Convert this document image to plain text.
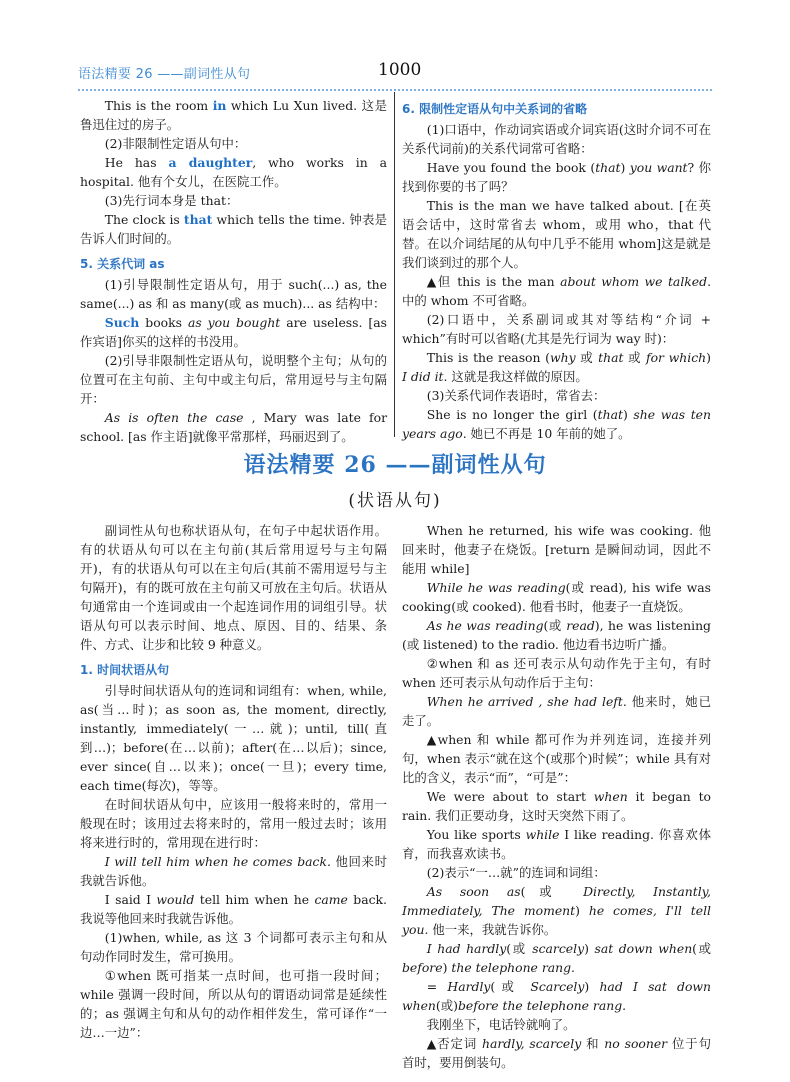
语法精要 26 ——副词性从句	1000

This is the room in which Lu Xun lived. 这是鲁迅住过的房子。

(2)非限制性定语从句中：

He has a daughter, who works in a hospital. 他有个女儿，在医院工作。

(3)先行词本身是 that：

The clock is that which tells the time. 钟表是告诉人们时间的。

5. 关系代词 as

(1)引导限制性定语从句，用于 such(...) as, the same(...) as 和 as many(或 as much)... as 结构中：

Such books as you bought are useless. [as 作宾语]你买的这样的书没用。

(2)引导非限制性定语从句，说明整个主句；从句的位置可在主句前、主句中或主句后，常用逗号与主句隔开：

As is often the case , Mary was late for school. [as 作主语]就像平常那样，玛丽迟到了。

6. 限制性定语从句中关系词的省略

(1)口语中，作动词宾语或介词宾语(这时介词不可在关系代词前)的关系代词常可省略：

Have you found the book (that) you want? 你找到你要的书了吗？

This is the man we have talked about. [在英语会话中，这时常省去 whom，或用 who，that 代替。在以介词结尾的从句中几乎不能用 whom]这是就是我们谈到过的那个人。

▲但 this is the man about whom we talked. 中的 whom 不可省略。

(2)口语中，关系副词或其对等结构“介词 + which”有时可以省略(尤其是先行词为 way 时)：

This is the reason (why 或 that 或 for which) I did it. 这就是我这样做的原因。

(3)关系代词作表语时，常省去：

She is no longer the girl (that) she was ten years ago. 她已不再是 10 年前的她了。

语法精要 26 ——副词性从句
(状语从句)

副词性从句也称状语从句，在句子中起状语作用。有的状语从句可以在主句前(其后常用逗号与主句隔开)，有的状语从句可以在主句后(其前不需用逗号与主句隔开)，有的既可放在主句前又可放在主句后。状语从句通常由一个连词或由一个起连词作用的词组引导。状语从句可以表示时间、地点、原因、目的、结果、条件、方式、让步和比较 9 种意义。

1. 时间状语从句

引导时间状语从句的连词和词组有：when, while, as(当…时)；as soon as, the moment, directly, instantly, immediately(一…就)；until, till(直到…)；before(在…以前)；after(在…以后)；since, ever since(自…以来)；once(一旦)；every time, each time(每次)，等等。

在时间状语从句中，应该用一般将来时的，常用一般现在时；该用过去将来时的，常用一般过去时；该用将来进行时的，常用现在进行时：

I will tell him when he comes back. 他回来时我就告诉他。

I said I would tell him when he came back. 我说等他回来时我就告诉他。

(1)when, while, as 这 3 个词都可表示主句和从句动作同时发生，常可换用。

①when 既可指某一点时间，也可指一段时间；while 强调一段时间，所以从句的谓语动词常是延续性的；as 强调主句和从句的动作相伴发生，常可译作“一边…一边”：

When he returned, his wife was cooking. 他回来时，他妻子在烧饭。[return 是瞬间动词，因此不能用 while]

While he was reading(或 read), his wife was cooking(或 cooked). 他看书时，他妻子一直烧饭。

As he was reading(或 read), he was listening (或 listened) to the radio. 他边看书边听广播。

②when 和 as 还可表示从句动作先于主句，有时 when 还可表示从句动作后于主句：

When he arrived , she had left. 他来时，她已走了。

▲when 和 while 都可作为并列连词，连接并列句，when 表示“就在这个(或那个)时候”；while 具有对比的含义，表示“而”，“可是”：

We were about to start when it began to rain. 我们正要动身，这时天突然下雨了。

You like sports while I like reading. 你喜欢体育，而我喜欢读书。

(2)表示“一…就”的连词和词组：

As soon as(或 Directly, Instantly, Immediately, The moment) he comes, I'll tell you. 他一来，我就告诉你。

I had hardly(或 scarcely) sat down when(或 before) the telephone rang.

= Hardly(或 Scarcely) had I sat down when(或)before the telephone rang.

我刚坐下，电话铃就响了。

▲否定词 hardly, scarcely 和 no sooner 位于句首时，要用倒装句。
